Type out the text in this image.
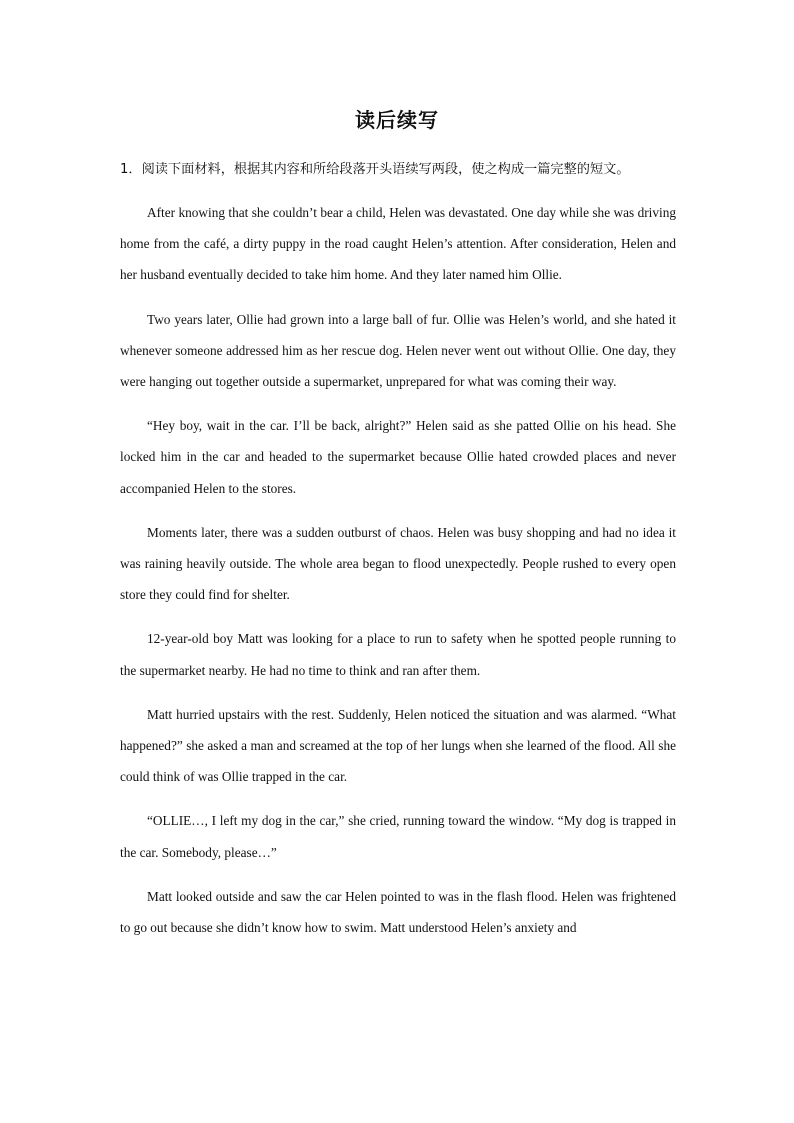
读后续写

1．阅读下面材料，根据其内容和所给段落开头语续写两段，使之构成一篇完整的短文。

After knowing that she couldn’t bear a child, Helen was devastated. One day while she was driving home from the café, a dirty puppy in the road caught Helen’s attention. After consideration, Helen and her husband eventually decided to take him home. And they later named him Ollie.

Two years later, Ollie had grown into a large ball of fur. Ollie was Helen’s world, and she hated it whenever someone addressed him as her rescue dog. Helen never went out without Ollie. One day, they were hanging out together outside a supermarket, unprepared for what was coming their way.

“Hey boy, wait in the car. I’ll be back, alright?” Helen said as she patted Ollie on his head. She locked him in the car and headed to the supermarket because Ollie hated crowded places and never accompanied Helen to the stores.

Moments later, there was a sudden outburst of chaos. Helen was busy shopping and had no idea it was raining heavily outside. The whole area began to flood unexpectedly. People rushed to every open store they could find for shelter.

12-year-old boy Matt was looking for a place to run to safety when he spotted people running to the supermarket nearby. He had no time to think and ran after them.

Matt hurried upstairs with the rest. Suddenly, Helen noticed the situation and was alarmed. “What happened?” she asked a man and screamed at the top of her lungs when she learned of the flood. All she could think of was Ollie trapped in the car.

“OLLIE…, I left my dog in the car,” she cried, running toward the window. “My dog is trapped in the car. Somebody, please…”

Matt looked outside and saw the car Helen pointed to was in the flash flood. Helen was frightened to go out because she didn’t know how to swim. Matt understood Helen’s anxiety and
